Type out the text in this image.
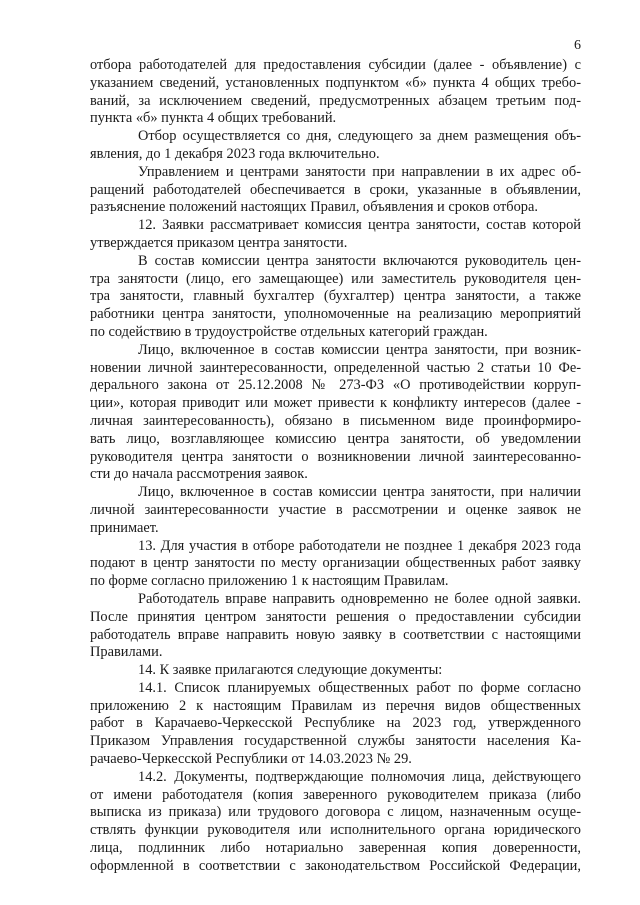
6
отбора работодателей для предоставления субсидии (далее - объявление) с
указанием сведений, установленных подпунктом «б» пункта 4 общих требо-
ваний, за исключением сведений, предусмотренных абзацем третьим под-
пункта «б» пункта 4 общих требований.
Отбор осуществляется со дня, следующего за днем размещения объ-
явления, до 1 декабря 2023 года включительно.
Управлением и центрами занятости при направлении в их адрес об-
ращений работодателей обеспечивается в сроки, указанные в объявлении,
разъяснение положений настоящих Правил, объявления и сроков отбора.
12. Заявки рассматривает комиссия центра занятости, состав которой
утверждается приказом центра занятости.
В состав комиссии центра занятости включаются руководитель цен-
тра занятости (лицо, его замещающее) или заместитель руководителя цен-
тра занятости, главный бухгалтер (бухгалтер) центра занятости, а также
работники центра занятости, уполномоченные на реализацию мероприятий
по содействию в трудоустройстве отдельных категорий граждан.
Лицо, включенное в состав комиссии центра занятости, при возник-
новении личной заинтересованности, определенной частью 2 статьи 10 Фе-
дерального закона от 25.12.2008 № 273-ФЗ «О противодействии корруп-
ции», которая приводит или может привести к конфликту интересов (далее -
личная заинтересованность), обязано в письменном виде проинформиро-
вать лицо, возглавляющее комиссию центра занятости, об уведомлении
руководителя центра занятости о возникновении личной заинтересованно-
сти до начала рассмотрения заявок.
Лицо, включенное в состав комиссии центра занятости, при наличии
личной заинтересованности участие в рассмотрении и оценке заявок не
принимает.
13. Для участия в отборе работодатели не позднее 1 декабря 2023 года
подают в центр занятости по месту организации общественных работ заявку
по форме согласно приложению 1 к настоящим Правилам.
Работодатель вправе направить одновременно не более одной заявки.
После принятия центром занятости решения о предоставлении субсидии
работодатель вправе направить новую заявку в соответствии с настоящими
Правилами.
14. К заявке прилагаются следующие документы:
14.1. Список планируемых общественных работ по форме согласно
приложению 2 к настоящим Правилам из перечня видов общественных
работ в Карачаево-Черкесской Республике на 2023 год, утвержденного
Приказом Управления государственной службы занятости населения Ка-
рачаево-Черкесской Республики от 14.03.2023 № 29.
14.2. Документы, подтверждающие полномочия лица, действующего
от имени работодателя (копия заверенного руководителем приказа (либо
выписка из приказа) или трудового договора с лицом, назначенным осуще-
ствлять функции руководителя или исполнительного органа юридического
лица, подлинник либо нотариально заверенная копия доверенности,
оформленной в соответствии с законодательством Российской Федерации,
